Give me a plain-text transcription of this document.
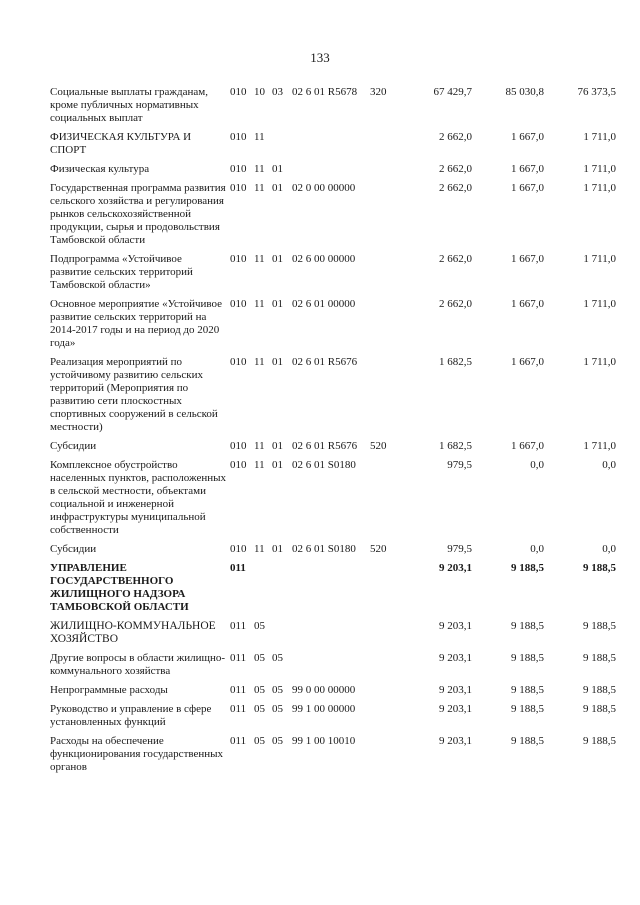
133
Социальные выплаты гражданам, кроме публичных нормативных социальных выплат	010	10	03	02 6 01 R5678	320	67 429,7	85 030,8	76 373,5

ФИЗИЧЕСКАЯ КУЛЬТУРА И СПОРТ	010	11				2 662,0	1 667,0	1 711,0

Физическая культура	010	11	01			2 662,0	1 667,0	1 711,0

Государственная программа развития сельского хозяйства и регулирования рынков сельскохозяйственной продукции, сырья и продовольствия Тамбовской области	010	11	01	02 0 00 00000		2 662,0	1 667,0	1 711,0

Подпрограмма «Устойчивое развитие сельских территорий Тамбовской области»	010	11	01	02 6 00 00000		2 662,0	1 667,0	1 711,0

Основное мероприятие «Устойчивое развитие сельских территорий на 2014-2017 годы и на период до 2020 года»	010	11	01	02 6 01 00000		2 662,0	1 667,0	1 711,0

Реализация мероприятий по устойчивому развитию сельских территорий (Мероприятия по развитию сети плоскостных спортивных сооружений в сельской местности)	010	11	01	02 6 01 R5676		1 682,5	1 667,0	1 711,0

Субсидии	010	11	01	02 6 01 R5676	520	1 682,5	1 667,0	1 711,0

Комплексное обустройство населенных пунктов, расположенных в сельской местности, объектами социальной и инженерной инфраструктуры муниципальной собственности	010	11	01	02 6 01 S0180		979,5	0,0	0,0

Субсидии	010	11	01	02 6 01 S0180	520	979,5	0,0	0,0

УПРАВЛЕНИЕ ГОСУДАРСТВЕННОГО ЖИЛИЩНОГО НАДЗОРА ТАМБОВСКОЙ ОБЛАСТИ	011					9 203,1	9 188,5	9 188,5

ЖИЛИЩНО-КОММУНАЛЬНОЕ ХОЗЯЙСТВО	011	05				9 203,1	9 188,5	9 188,5

Другие вопросы в области жилищно-коммунального хозяйства	011	05	05			9 203,1	9 188,5	9 188,5

Непрограммные расходы	011	05	05	99 0 00 00000		9 203,1	9 188,5	9 188,5

Руководство и управление в сфере установленных функций	011	05	05	99 1 00 00000		9 203,1	9 188,5	9 188,5

Расходы на обеспечение функционирования государственных органов	011	05	05	99 1 00 10010		9 203,1	9 188,5	9 188,5
